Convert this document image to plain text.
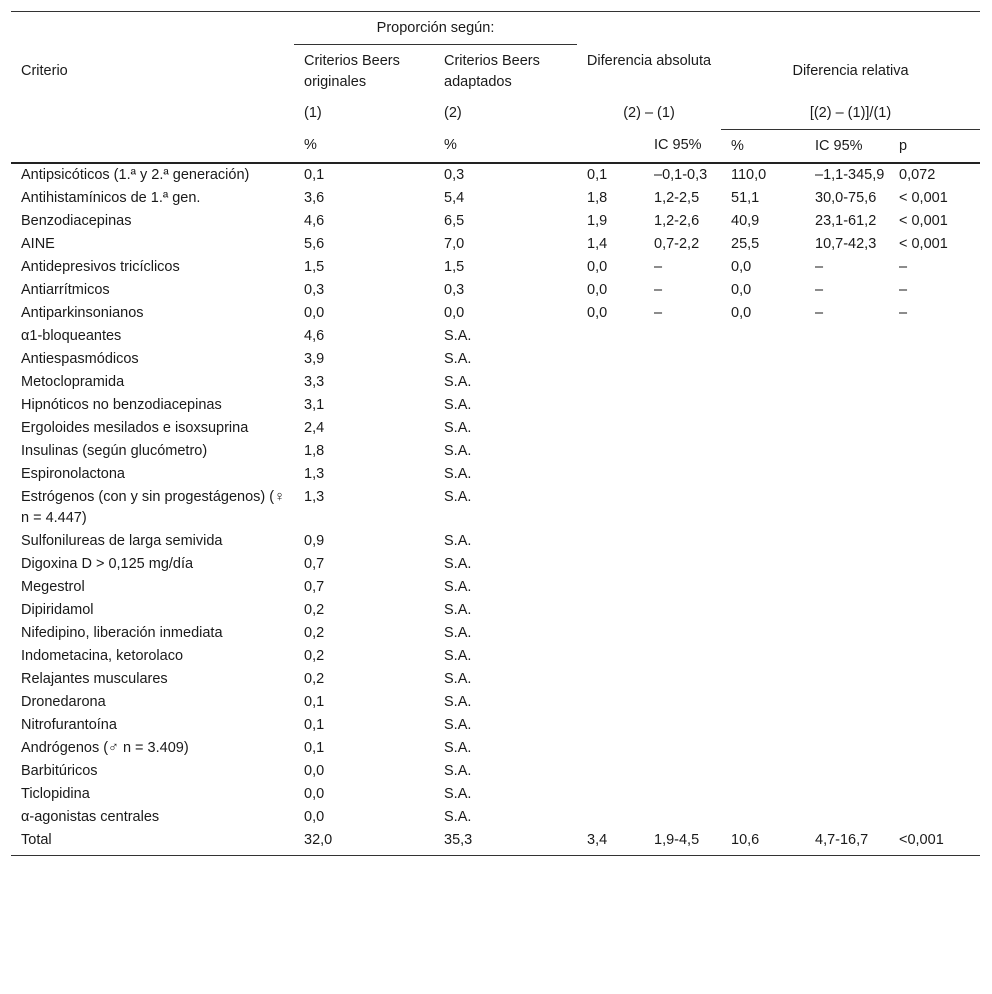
	Proporción según:						
Criterio	Criterios Beers originales	Criterios Beers adaptados	Diferencia absoluta		Diferencia relativa		
	(1)	(2)	(2) – (1)		[(2) – (1)]/(1)		
	%	%		IC 95%	%	IC 95%	p
Antipsicóticos (1.ª y 2.ª generación)	0,1	0,3	0,1	–0,1-0,3	110,0	–1,1-345,9	0,072
Antihistamínicos de 1.ª gen.	3,6	5,4	1,8	1,2-2,5	51,1	30,0-75,6	< 0,001
Benzodiacepinas	4,6	6,5	1,9	1,2-2,6	40,9	23,1-61,2	< 0,001
AINE	5,6	7,0	1,4	0,7-2,2	25,5	10,7-42,3	< 0,001
Antidepresivos tricíclicos	1,5	1,5	0,0	–	0,0	–	–
Antiarrítmicos	0,3	0,3	0,0	–	0,0	–	–
Antiparkinsonianos	0,0	0,0	0,0	–	0,0	–	–
α1-bloqueantes	4,6	S.A.					
Antiespasmódicos	3,9	S.A.					
Metoclopramida	3,3	S.A.					
Hipnóticos no benzodiacepinas	3,1	S.A.					
Ergoloides mesilados e isoxsuprina	2,4	S.A.					
Insulinas (según glucómetro)	1,8	S.A.					
Espironolactona	1,3	S.A.					
Estrógenos (con y sin progestágenos) (♀ n = 4.447)	1,3	S.A.					
Sulfonilureas de larga semivida	0,9	S.A.					
Digoxina D > 0,125 mg/día	0,7	S.A.					
Megestrol	0,7	S.A.					
Dipiridamol	0,2	S.A.					
Nifedipino, liberación inmediata	0,2	S.A.					
Indometacina, ketorolaco	0,2	S.A.					
Relajantes musculares	0,2	S.A.					
Dronedarona	0,1	S.A.					
Nitrofurantoína	0,1	S.A.					
Andrógenos (♂ n = 3.409)	0,1	S.A.					
Barbitúricos	0,0	S.A.					
Ticlopidina	0,0	S.A.					
α-agonistas centrales	0,0	S.A.					
Total	32,0	35,3	3,4	1,9-4,5	10,6	4,7-16,7	<0,001
